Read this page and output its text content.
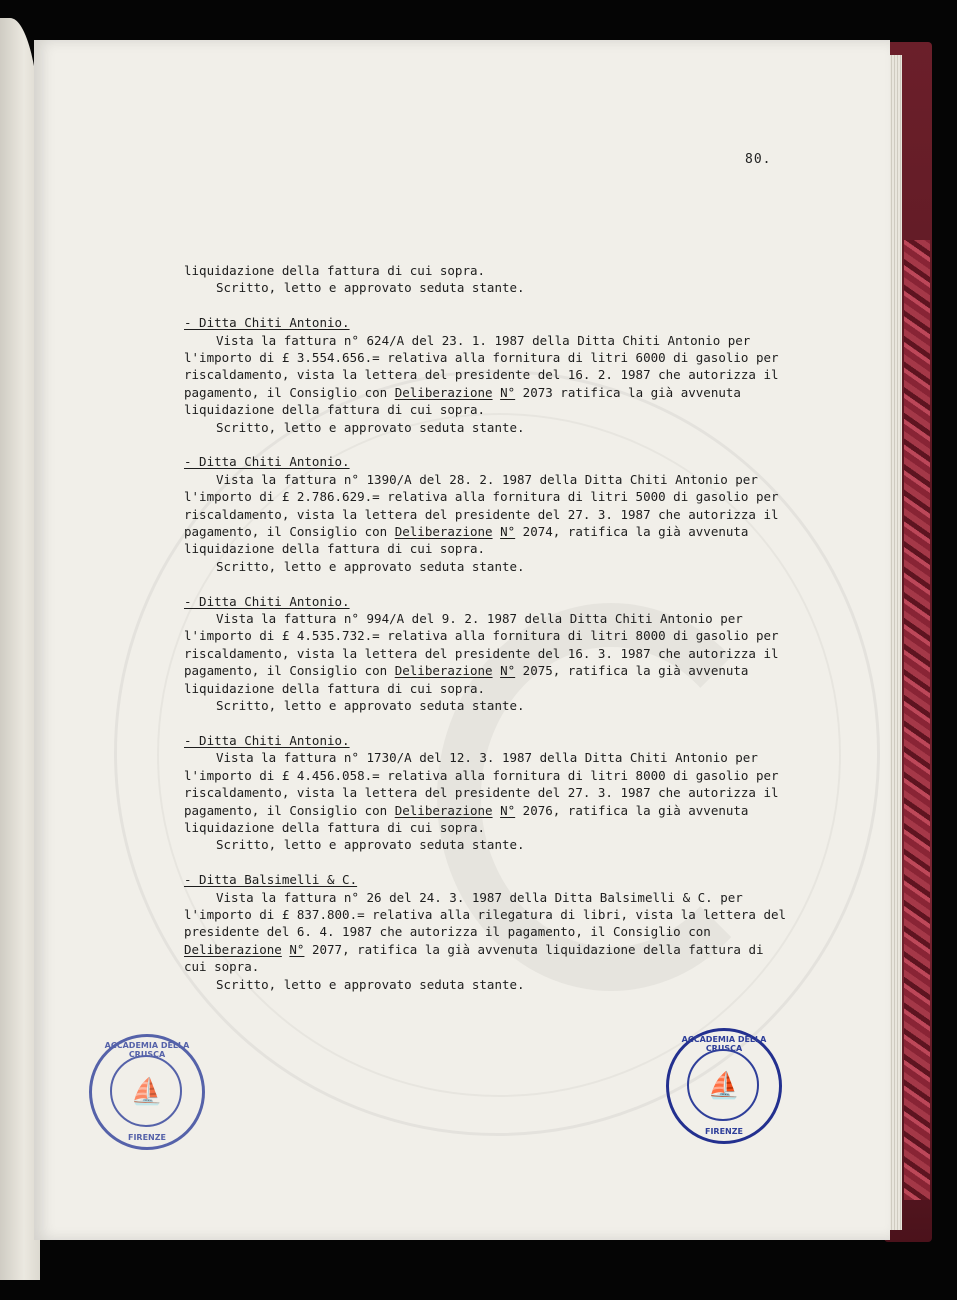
80.
liquidazione della fattura di cui sopra.
Scritto, letto e approvato seduta stante.
- Ditta Chiti Antonio.
Vista la fattura n° 624/A del 23. 1. 1987 della Ditta Chiti Antonio per
l'importo di £ 3.554.656.= relativa alla fornitura di litri 6000 di gasolio per
riscaldamento, vista la lettera del presidente del 16. 2. 1987 che autorizza il
pagamento, il Consiglio con Deliberazione N° 2073 ratifica la già avvenuta
liquidazione della fattura di cui sopra.
Scritto, letto e approvato seduta stante.
- Ditta Chiti Antonio.
Vista la fattura n° 1390/A del 28. 2. 1987 della Ditta Chiti Antonio per
l'importo di £ 2.786.629.= relativa alla fornitura di litri 5000 di gasolio per
riscaldamento, vista la lettera del presidente del 27. 3. 1987 che autorizza il
pagamento, il Consiglio con Deliberazione N° 2074, ratifica la già avvenuta
liquidazione della fattura di cui sopra.
Scritto, letto e approvato seduta stante.
- Ditta Chiti Antonio.
Vista la fattura n° 994/A del 9. 2. 1987 della Ditta Chiti Antonio per
l'importo di £ 4.535.732.= relativa alla fornitura di litri 8000 di gasolio per
riscaldamento, vista la lettera del presidente del 16. 3. 1987 che autorizza il
pagamento, il Consiglio con Deliberazione N° 2075, ratifica la già avvenuta
liquidazione della fattura di cui sopra.
Scritto, letto e approvato seduta stante.
- Ditta Chiti Antonio.
Vista la fattura n° 1730/A del 12. 3. 1987 della Ditta Chiti Antonio per
l'importo di £ 4.456.058.= relativa alla fornitura di litri 8000 di gasolio per
riscaldamento, vista la lettera del presidente del 27. 3. 1987 che autorizza il
pagamento, il Consiglio con Deliberazione N° 2076, ratifica la già avvenuta
liquidazione della fattura di cui sopra.
Scritto, letto e approvato seduta stante.
- Ditta Balsimelli & C.
Vista la fattura n° 26 del 24. 3. 1987 della Ditta Balsimelli & C. per
l'importo di £ 837.800.= relativa alla rilegatura di libri, vista la lettera del
presidente del 6. 4. 1987 che autorizza il pagamento, il Consiglio con
Deliberazione N° 2077, ratifica la già avvenuta liquidazione della fattura di
cui sopra.
Scritto, letto e approvato seduta stante.
ACCADEMIA DELLA CRUSCA
⛵
FIRENZE
ACCADEMIA DELLA CRUSCA
⛵
FIRENZE
